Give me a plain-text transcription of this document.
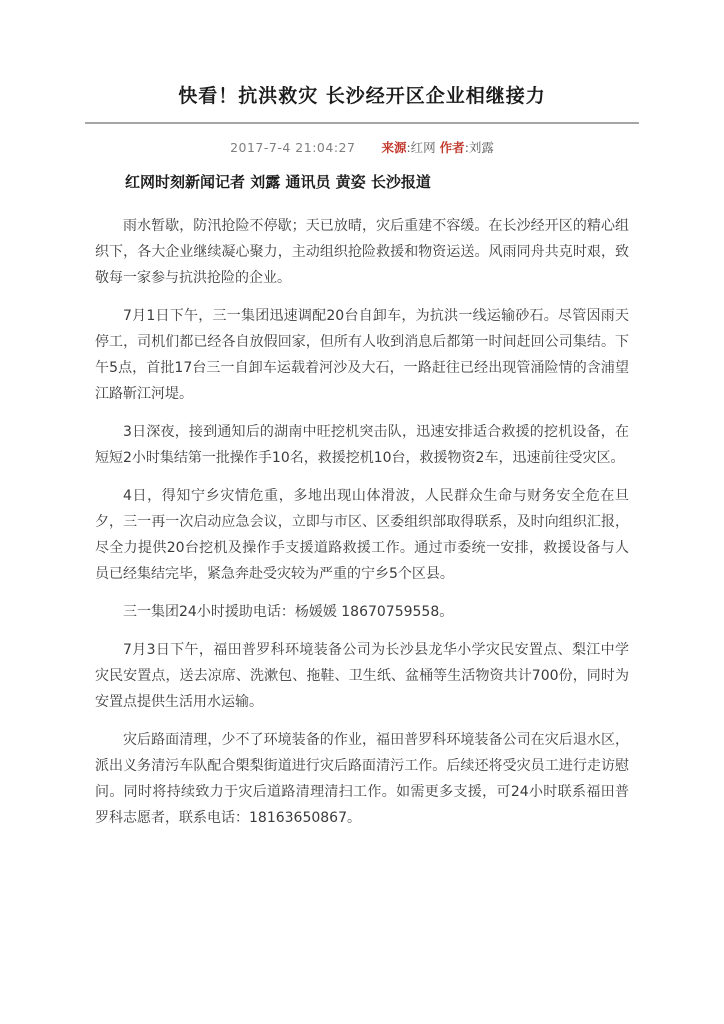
快看！抗洪救灾 长沙经开区企业相继接力
2017-7-4 21:04:27 来源:红网 作者:刘露

红网时刻新闻记者 刘露 通讯员 黄姿 长沙报道

雨水暂歇，防汛抢险不停歇；天已放晴，灾后重建不容缓。在长沙经开区的精心组织下，各大企业继续凝心聚力，主动组织抢险救援和物资运送。风雨同舟共克时艰，致敬每一家参与抗洪抢险的企业。

7月1日下午，三一集团迅速调配20台自卸车，为抗洪一线运输砂石。尽管因雨天停工，司机们都已经各自放假回家，但所有人收到消息后都第一时间赶回公司集结。下午5点，首批17台三一自卸车运载着河沙及大石，一路赶往已经出现管涌险情的含浦望江路靳江河堤。

3日深夜，接到通知后的湖南中旺挖机突击队，迅速安排适合救援的挖机设备，在短短2小时集结第一批操作手10名，救援挖机10台，救援物资2车，迅速前往受灾区。

4日，得知宁乡灾情危重，多地出现山体滑波，人民群众生命与财务安全危在旦夕，三一再一次启动应急会议，立即与市区、区委组织部取得联系，及时向组织汇报，尽全力提供20台挖机及操作手支援道路救援工作。通过市委统一安排，救援设备与人员已经集结完毕，紧急奔赴受灾较为严重的宁乡5个区县。

三一集团24小时援助电话：杨媛媛 18670759558。

7月3日下午，福田普罗科环境装备公司为长沙县龙华小学灾民安置点、梨江中学灾民安置点，送去凉席、洗漱包、拖鞋、卫生纸、盆桶等生活物资共计700份，同时为安置点提供生活用水运输。

灾后路面清理，少不了环境装备的作业，福田普罗科环境装备公司在灾后退水区，派出义务清污车队配合㮾梨街道进行灾后路面清污工作。后续还将受灾员工进行走访慰问。同时将持续致力于灾后道路清理清扫工作。如需更多支援，可24小时联系福田普罗科志愿者，联系电话：18163650867。
